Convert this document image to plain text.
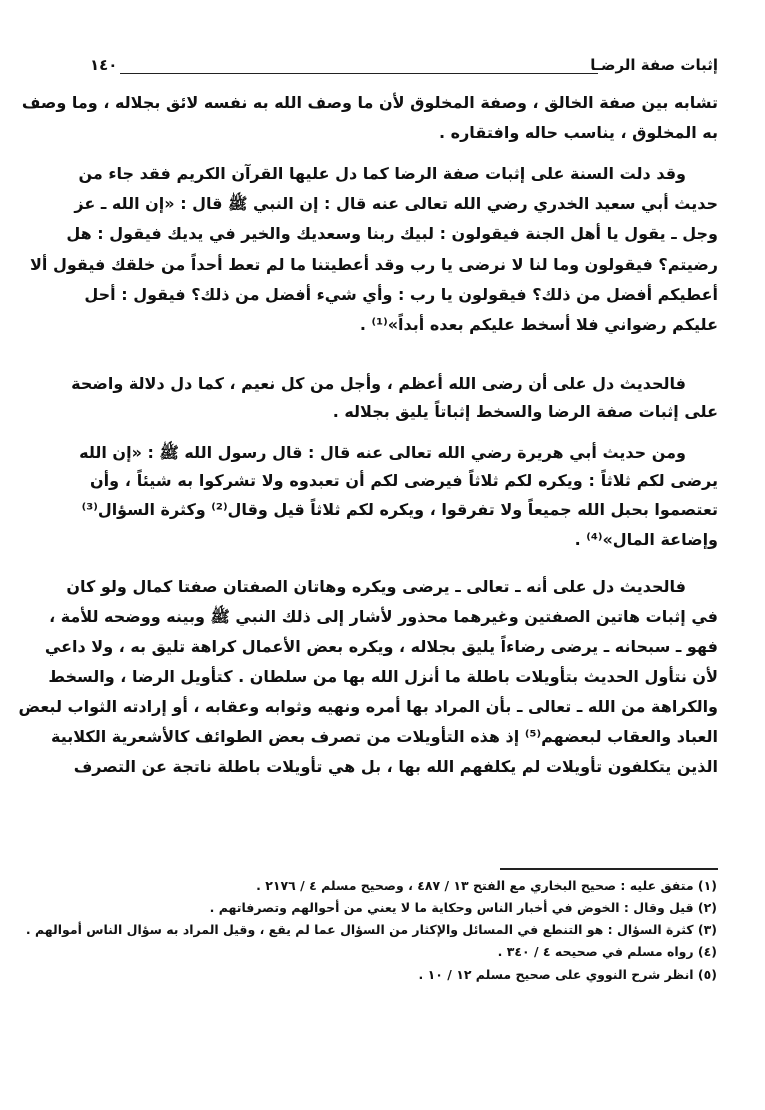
إثبات صفة الرضـا
١٤٠
تشابه بين صفة الخالق ، وصفة المخلوق لأن ما وصف الله به نفسه لائق بجلاله ، وما وصف
به المخلوق ، يناسب حاله وافتقاره .
وقد دلت السنة على إثبات صفة الرضا كما دل عليها القرآن الكريم فقد جاء من
حديث أبي سعيد الخدري رضي الله تعالى عنه قال : إن النبي ﷺ قال : «إن الله ـ عز
وجل ـ يقول يا أهل الجنة فيقولون : لبيك ربنا وسعديك والخير في يديك فيقول : هل
رضيتم؟ فيقولون وما لنا لا نرضى يا رب وقد أعطيتنا ما لم تعط أحداً من خلقك فيقول ألا
أعطيكم أفضل من ذلك؟ فيقولون يا رب : وأي شيء أفضل من ذلك؟ فيقول : أحل
عليكم رضواني فلا أسخط عليكم بعده أبداً»⁽¹⁾ .
فالحديث دل على أن رضى الله أعظم ، وأجل من كل نعيم ، كما دل دلالة واضحة
على إثبات صفة الرضا والسخط إثباتاً يليق بجلاله .
ومن حديث أبي هريرة رضي الله تعالى عنه قال : قال رسول الله ﷺ : «إن الله
يرضى لكم ثلاثاً : ويكره لكم ثلاثاً فيرضى لكم أن تعبدوه ولا تشركوا به شيئاً ، وأن
تعتصموا بحبل الله جميعاً ولا تفرقوا ، ويكره لكم ثلاثاً قيل وقال⁽²⁾ وكثرة السؤال⁽³⁾
وإضاعة المال»⁽⁴⁾ .
فالحديث دل على أنه ـ تعالى ـ يرضى ويكره وهاتان الصفتان صفتا كمال ولو كان
في إثبات هاتين الصفتين وغيرهما محذور لأشار إلى ذلك النبي ﷺ وبينه ووضحه للأمة ،
فهو ـ سبحانه ـ يرضى رضاءاً يليق بجلاله ، ويكره بعض الأعمال كراهة تليق به ، ولا داعي
لأن نتأول الحديث بتأويلات باطلة ما أنزل الله بها من سلطان . كتأويل الرضا ، والسخط
والكراهة من الله ـ تعالى ـ بأن المراد بها أمره ونهيه وثوابه وعقابه ، أو إرادته الثواب لبعض
العباد والعقاب لبعضهم⁽⁵⁾ إذ هذه التأويلات من تصرف بعض الطوائف كالأشعرية الكلابية
الذين يتكلفون تأويلات لم يكلفهم الله بها ، بل هي تأويلات باطلة ناتجة عن التصرف
(١) متفق عليه : صحيح البخاري مع الفتح ١٣ / ٤٨٧ ، وصحيح مسلم ٤ / ٢١٧٦ .
(٢) قيل وقال : الخوض في أخبار الناس وحكاية ما لا يعني من أحوالهم وتصرفاتهم .
(٣) كثرة السؤال : هو التنطع في المسائل والإكثار من السؤال عما لم يقع ، وقيل المراد به سؤال الناس أموالهم .
(٤) رواه مسلم في صحيحه ٤ / ٣٤٠ .
(٥) انظر شرح النووي على صحيح مسلم ١٢ / ١٠ .
